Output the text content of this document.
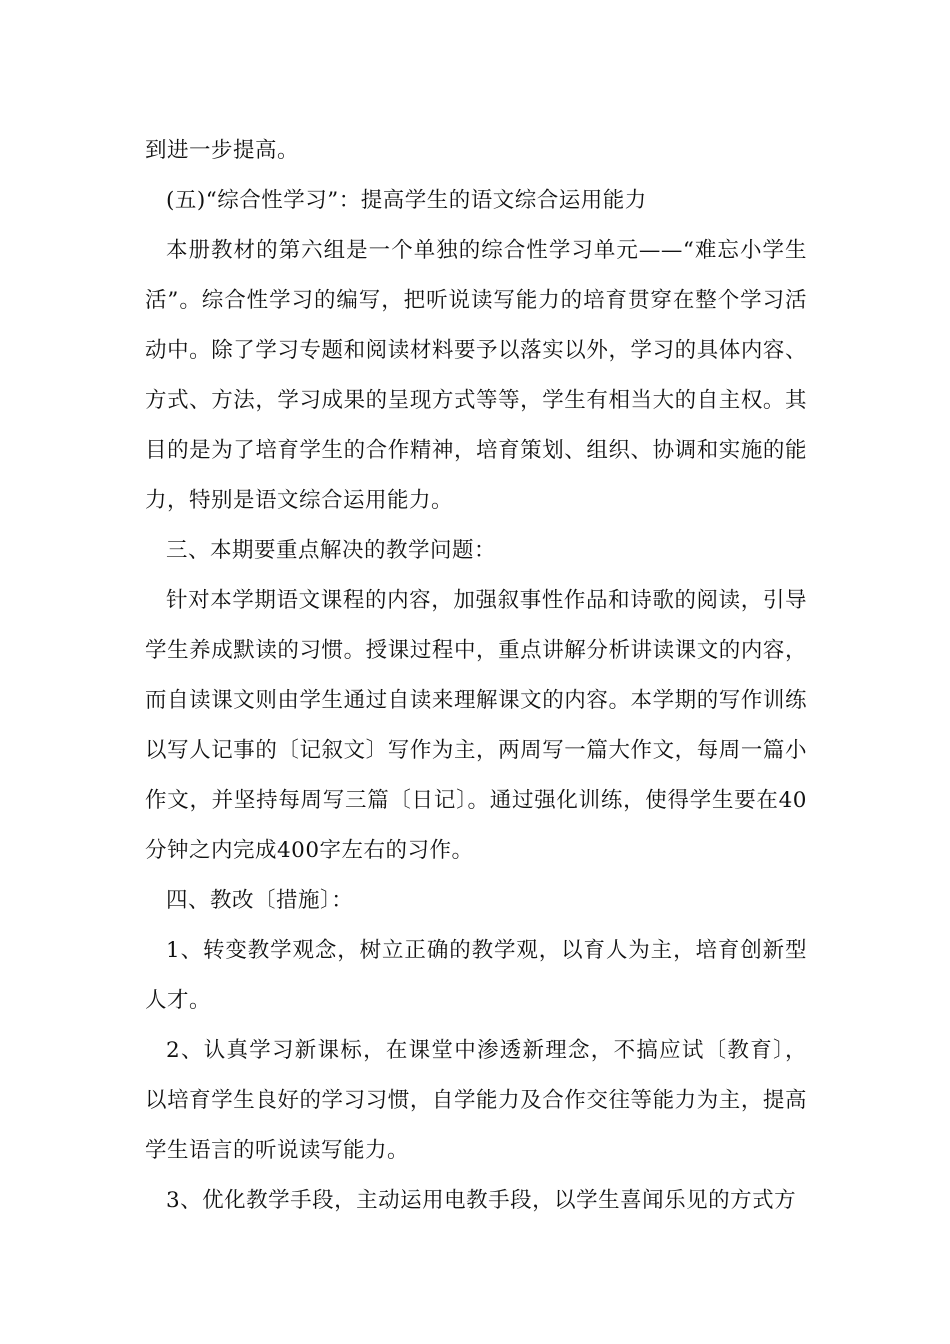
到进一步提高。

(五)“综合性学习”：提高学生的语文综合运用能力

本册教材的第六组是一个单独的综合性学习单元——“难忘小学生活”。综合性学习的编写，把听说读写能力的培育贯穿在整个学习活动中。除了学习专题和阅读材料要予以落实以外，学习的具体内容、方式、方法，学习成果的呈现方式等等，学生有相当大的自主权。其目的是为了培育学生的合作精神，培育策划、组织、协调和实施的能力，特别是语文综合运用能力。

三、本期要重点解决的教学问题：

针对本学期语文课程的内容，加强叙事性作品和诗歌的阅读，引导学生养成默读的习惯。授课过程中，重点讲解分析讲读课文的内容，而自读课文则由学生通过自读来理解课文的内容。本学期的写作训练以写人记事的〔记叙文〕写作为主，两周写一篇大作文，每周一篇小作文，并坚持每周写三篇〔日记〕。通过强化训练，使得学生要在40分钟之内完成400字左右的习作。

四、教改〔措施〕：

1、转变教学观念，树立正确的教学观，以育人为主，培育创新型人才。

2、认真学习新课标，在课堂中渗透新理念，不搞应试〔教育〕，以培育学生良好的学习习惯，自学能力及合作交往等能力为主，提高学生语言的听说读写能力。

3、优化教学手段，主动运用电教手段，以学生喜闻乐见的方式方
